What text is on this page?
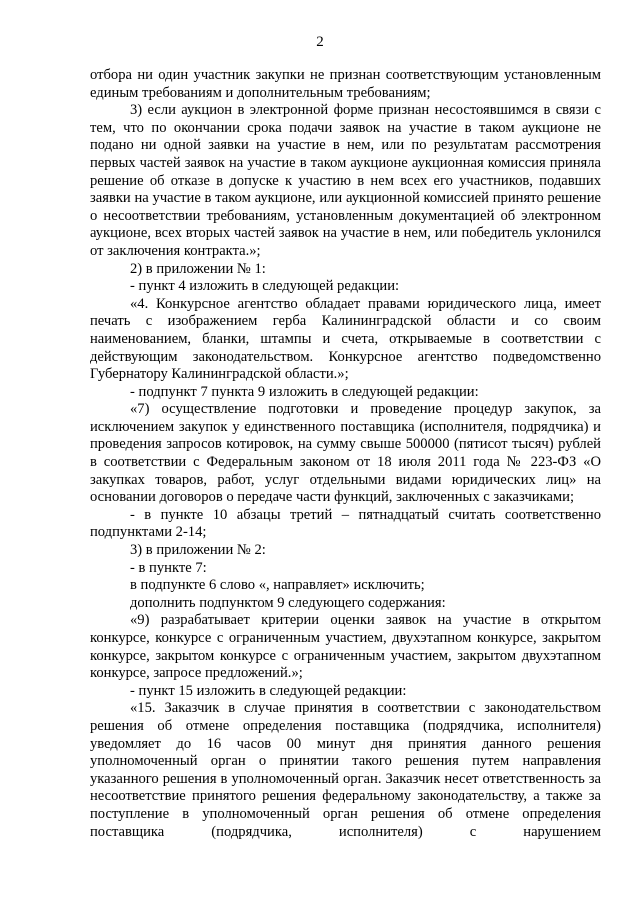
2

отбора ни один участник закупки не признан соответствующим установленным единым требованиям и дополнительным требованиям;

3) если аукцион в электронной форме признан несостоявшимся в связи с тем, что по окончании срока подачи заявок на участие в таком аукционе не подано ни одной заявки на участие в нем, или по результатам рассмотрения первых частей заявок на участие в таком аукционе аукционная комиссия приняла решение об отказе в допуске к участию в нем всех его участников, подавших заявки на участие в таком аукционе, или аукционной комиссией принято решение о несоответствии требованиям, установленным документацией об электронном аукционе, всех вторых частей заявок на участие в нем, или победитель уклонился от заключения контракта.»;

2) в приложении № 1:

- пункт 4 изложить в следующей редакции:

«4. Конкурсное агентство обладает правами юридического лица, имеет печать с изображением герба Калининградской области и со своим наименованием, бланки, штампы и счета, открываемые в соответствии с действующим законодательством. Конкурсное агентство подведомственно Губернатору Калининградской области.»;

- подпункт 7 пункта 9 изложить в следующей редакции:

«7) осуществление подготовки и проведение процедур закупок, за исключением закупок у единственного поставщика (исполнителя, подрядчика) и проведения запросов котировок, на сумму свыше 500000 (пятисот тысяч) рублей в соответствии с Федеральным законом от 18 июля 2011 года № 223-ФЗ «О закупках товаров, работ, услуг отдельными видами юридических лиц» на основании договоров о передаче части функций, заключенных с заказчиками;

- в пункте 10 абзацы третий – пятнадцатый считать соответственно подпунктами 2-14;

3) в приложении № 2:

- в пункте 7:

в подпункте 6 слово «, направляет» исключить;

дополнить подпунктом 9 следующего содержания:

«9) разрабатывает критерии оценки заявок на участие в открытом конкурсе, конкурсе с ограниченным участием, двухэтапном конкурсе, закрытом конкурсе, закрытом конкурсе с ограниченным участием, закрытом двухэтапном конкурсе, запросе предложений.»;

- пункт 15 изложить в следующей редакции:

«15. Заказчик в случае принятия в соответствии с законодательством решения об отмене определения поставщика (подрядчика, исполнителя) уведомляет до 16 часов 00 минут дня принятия данного решения уполномоченный орган о принятии такого решения путем направления указанного решения в уполномоченный орган. Заказчик несет ответственность за несоответствие принятого решения федеральному законодательству, а также за поступление в уполномоченный орган решения об отмене определения поставщика (подрядчика, исполнителя) с нарушением
